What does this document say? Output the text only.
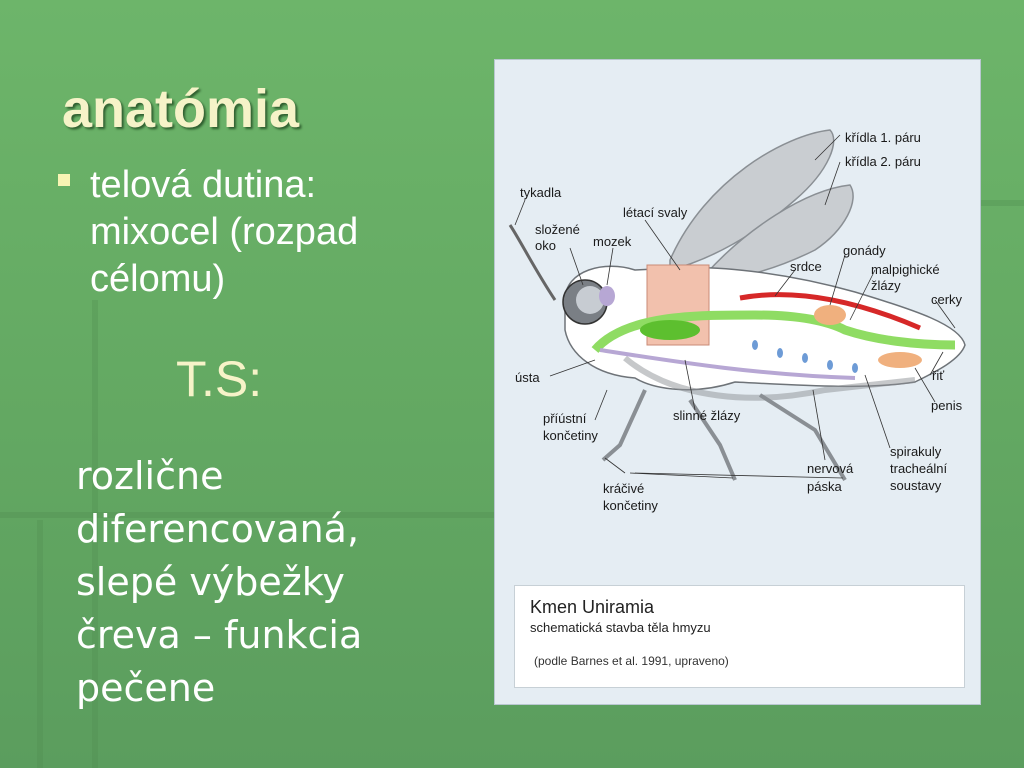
anatómia
telová dutina: mixocel (rozpad célomu)
T.S:
rozlične diferencovaná, slepé výbežky čreva – funkcia pečene
křídla 1. páru
křídla 2. páru
tykadla
létací svaly
složené
oko	mozek
gonády
srdce	malpighické
žlázy
cerky
ústa	řiť
penis
příústní
končetiny
slinné žlázy
spirakuly
tracheální
soustavy
nervová
páska
kráčivé
končetiny
Kmen Uniramia
schematická stavba těla hmyzu
(podle Barnes et al. 1991, upraveno)
